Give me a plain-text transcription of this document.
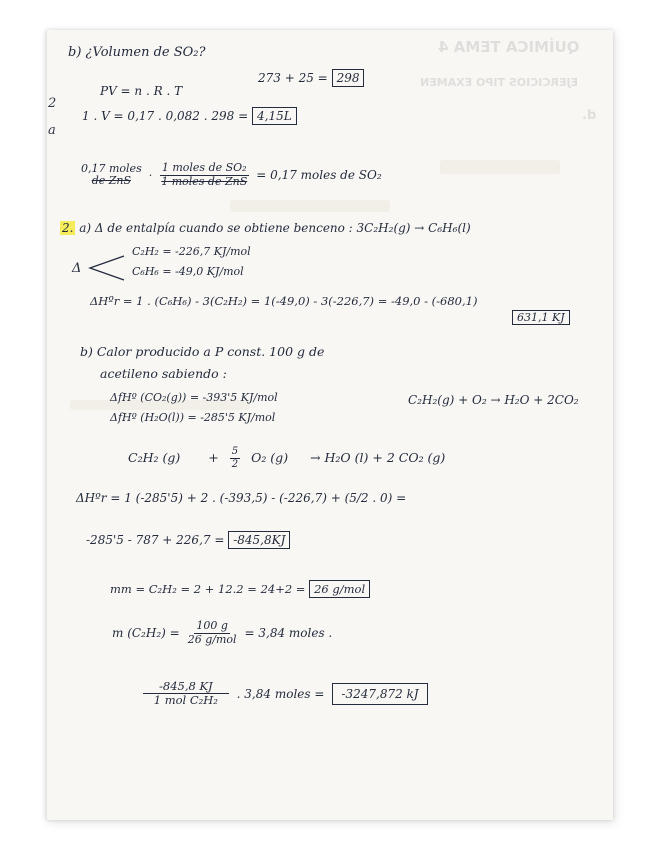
QUÍMICA TEMA 4
EJERCICIOS TIPO EXAMEN
d.
2
a

b) ¿Volumen de SO₂?

PV = n . R . T

273 + 25 = 298
1 . V = 0,17 . 0,082 . 298 = 4,15L
0,17 moles
de ZnS · $\frac{\text{1 moles de SO₂}}{\text{1 moles de ZnS}} = 0,17$ moles de SO₂
2. a) Δ de entalpía cuando se obtiene benceno : 3C₂H₂(g) → C₆H₆(l)

Δ

C₂H₂ = -226,7 KJ/mol

C₆H₆ = -49,0 KJ/mol

ΔHºr = 1 . (C₆H₆) - 3(C₂H₂) = 1(-49,0) - 3(-226,7) = -49,0 - (-680,1)

631,1 KJ

b) Calor producido a P const. 100 g de

acetileno sabiendo :

ΔfHº (CO₂(g)) = -393'5 KJ/mol

ΔfHº (H₂O(l)) = -285'5 KJ/mol

C₂H₂(g) + O₂ → H₂O + 2CO₂

C₂H₂ $(g) + \frac{5}{2} O_2$ (g) → H₂O (l) + 2 CO₂ (g)

ΔHºr = 1 (-285'5) + 2 . (-393,5) - (-226,7) + (5/2 . 0) =

-285'5 - 787 + 226,7 = -845,8KJ
mm = C₂H₂ = 2 + 12.2 = 24+2 = 26 g/mol
m $(C_2H_2) = \frac{100 g}{\text{26 g/mol}} = 3,84$ moles .
$\frac{-845,8 KJ}{\text{1 mol C₂H₂}}$ . 3,84 moles =	-3247,872 kJ
